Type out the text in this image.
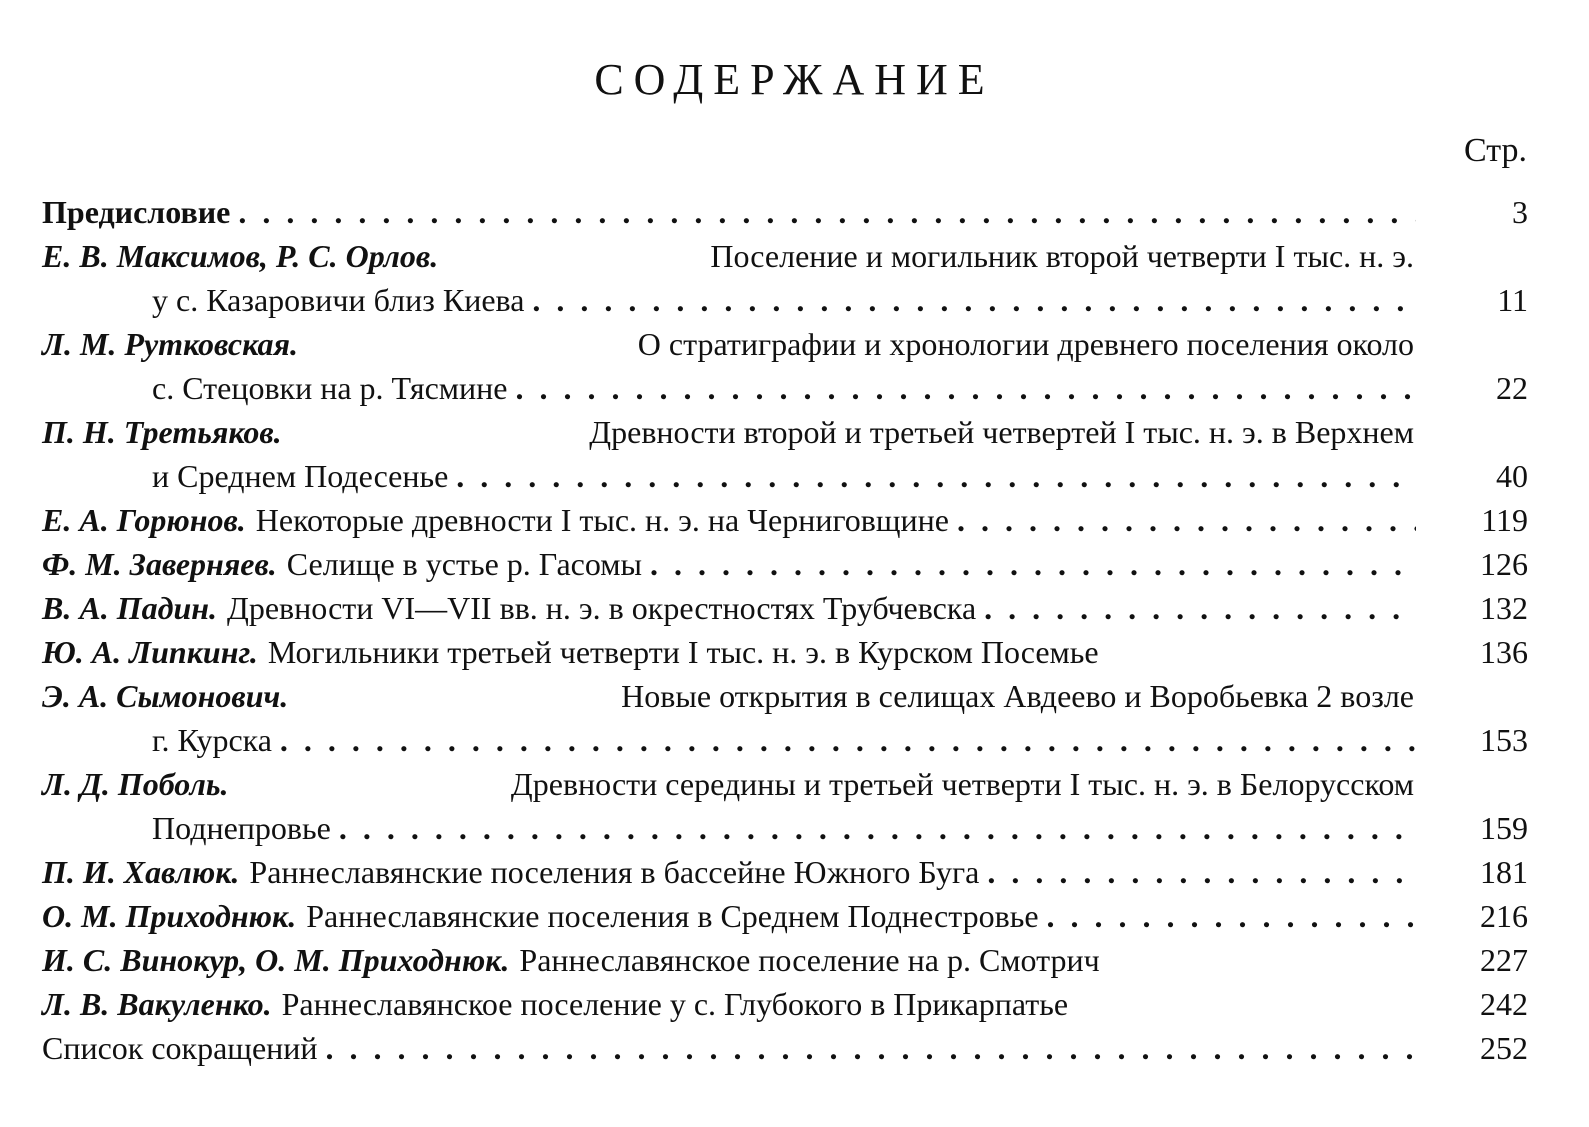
СОДЕРЖАНИЕ
Стр.
Предисловие . . .	3
Е. В. Максимов, Р. С. Орлов.	Поселение и могильник второй четверти I тыс. н. э.
у с. Казаровичи близ Киева . . .	11
Л. М. Рутковская.	О стратиграфии и хронологии древнего поселения около
с. Стецовки на р. Тясмине . . .	22
П. Н. Третьяков.	Древности второй и третьей четвертей I тыс. н. э. в Верхнем
и Среднем Подесенье . . .	40
Е. А. Горюнов. Некоторые древности I тыс. н. э. на Черниговщине . . .	119
Ф. М. Заверняев. Селище в устье р. Гасомы . . .	126
В. А. Падин. Древности VI—VII вв. н. э. в окрестностях Трубчевска . . .	132
Ю. А. Липкинг. Могильники третьей четверти I тыс. н. э. в Курском Посемье	136
Э. А. Сымонович.	Новые открытия в селищах Авдеево и Воробьевка 2 возле
г. Курска . . .	153
Л. Д. Поболь.	Древности середины и третьей четверти I тыс. н. э. в Белорусском
Поднепровье . . .	159
П. И. Хавлюк. Раннеславянские поселения в бассейне Южного Буга . . .	181
О. М. Приходнюк. Раннеславянские поселения в Среднем Поднестровье . . .	216
И. С. Винокур, О. М. Приходнюк. Раннеславянское поселение на р. Смотрич	227
Л. В. Вакуленко. Раннеславянское поселение у с. Глубокого в Прикарпатье	242
Список сокращений . . .	252
